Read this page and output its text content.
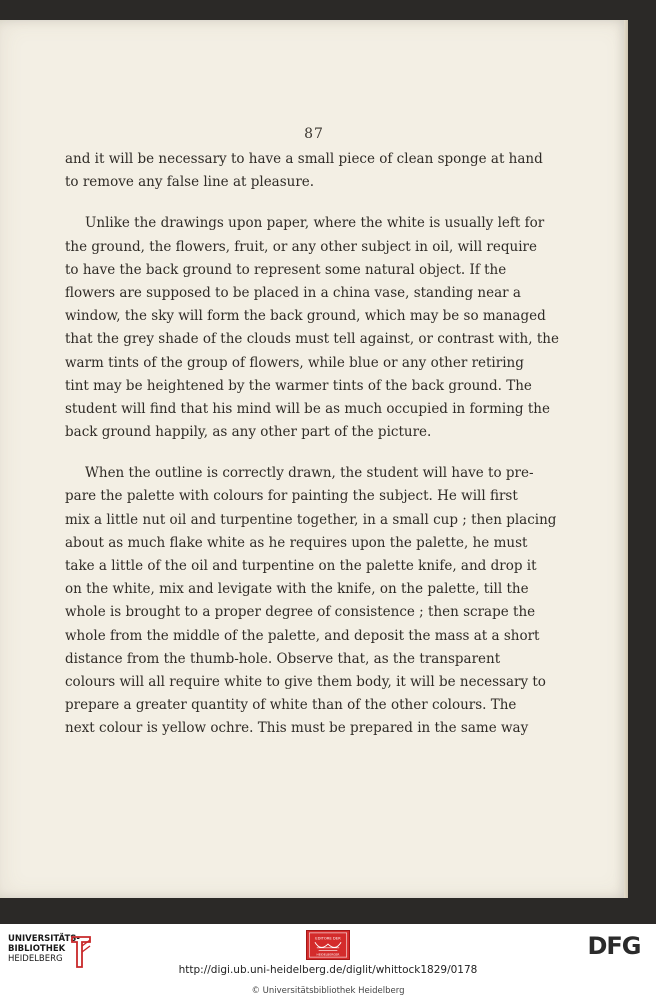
87
and it will be necessary to have a small piece of clean sponge at hand
to remove any false line at pleasure.
Unlike the drawings upon paper, where the white is usually left for
the ground, the flowers, fruit, or any other subject in oil, will require
to have the back ground to represent some natural object. If the
flowers are supposed to be placed in a china vase, standing near a
window, the sky will form the back ground, which may be so managed
that the grey shade of the clouds must tell against, or contrast with, the
warm tints of the group of flowers, while blue or any other retiring
tint may be heightened by the warmer tints of the back ground. The
student will find that his mind will be as much occupied in forming the
back ground happily, as any other part of the picture.
When the outline is correctly drawn, the student will have to pre-
pare the palette with colours for painting the subject. He will first
mix a little nut oil and turpentine together, in a small cup ; then placing
about as much flake white as he requires upon the palette, he must
take a little of the oil and turpentine on the palette knife, and drop it
on the white, mix and levigate with the knife, on the palette, till the
whole is brought to a proper degree of consistence ; then scrape the
whole from the middle of the palette, and deposit the mass at a short
distance from the thumb-hole. Observe that, as the transparent
colours will all require white to give them body, it will be necessary to
prepare a greater quantity of white than of the other colours. The
next colour is yellow ochre. This must be prepared in the same way
UNIVERSITÄTS-
BIBLIOTHEK
HEIDELBERG
EDITORE DER
HEIDELBERGER	DFG
http://digi.ub.uni-heidelberg.de/diglit/whittock1829/0178
© Universitätsbibliothek Heidelberg
